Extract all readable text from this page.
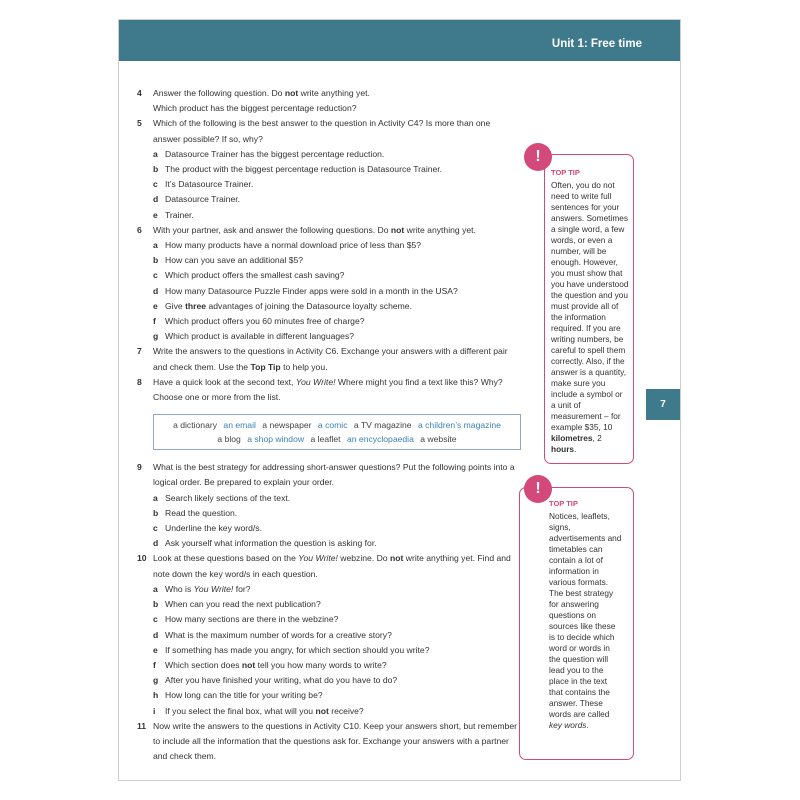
Unit 1: Free time
7
4 Answer the following question. Do not write anything yet.
Which product has the biggest percentage reduction?
5 Which of the following is the best answer to the question in Activity C4? Is more than one answer possible? If so, why?
a Datasource Trainer has the biggest percentage reduction.
b The product with the biggest percentage reduction is Datasource Trainer.
c It’s Datasource Trainer.
d Datasource Trainer.
e Trainer.
6 With your partner, ask and answer the following questions. Do not write anything yet.
a How many products have a normal download price of less than $5?
b How can you save an additional $5?
c Which product offers the smallest cash saving?
d How many Datasource Puzzle Finder apps were sold in a month in the USA?
e Give three advantages of joining the Datasource loyalty scheme.
f Which product offers you 60 minutes free of charge?
g Which product is available in different languages?
7 Write the answers to the questions in Activity C6. Exchange your answers with a different pair and check them. Use the Top Tip to help you.
8 Have a quick look at the second text, You Write! Where might you find a text like this? Why? Choose one or more from the list.
a dictionary an email a newspaper a comic a TV magazine a children’s magazine
a blog a shop window a leaflet an encyclopaedia a website
9 What is the best strategy for addressing short-answer questions? Put the following points into a logical order. Be prepared to explain your order.
a Search likely sections of the text.
b Read the question.
c Underline the key word/s.
d Ask yourself what information the question is asking for.
10 Look at these questions based on the You Write! webzine. Do not write anything yet. Find and note down the key word/s in each question.
a Who is You Write! for?
b When can you read the next publication?
c How many sections are there in the webzine?
d What is the maximum number of words for a creative story?
e If something has made you angry, for which section should you write?
f Which section does not tell you how many words to write?
g After you have finished your writing, what do you have to do?
h How long can the title for your writing be?
i If you select the final box, what will you not receive?
11 Now write the answers to the questions in Activity C10. Keep your answers short, but remember to include all the information that the questions ask for. Exchange your answers with a partner and check them.
TOP TIP
Often, you do not need to write full sentences for your answers. Sometimes a single word, a few words, or even a number, will be enough. However, you must show that you have understood the question and you must provide all of the information required. If you are writing numbers, be careful to spell them correctly. Also, if the answer is a quantity, make sure you include a symbol or a unit of measurement – for example $35, 10 kilometres, 2 hours.
!
TOP TIP
Notices, leaflets, signs, advertisements and timetables can contain a lot of information in various formats. The best strategy for answering questions on sources like these is to decide which word or words in the question will lead you to the place in the text that contains the answer. These words are called key words.
!
